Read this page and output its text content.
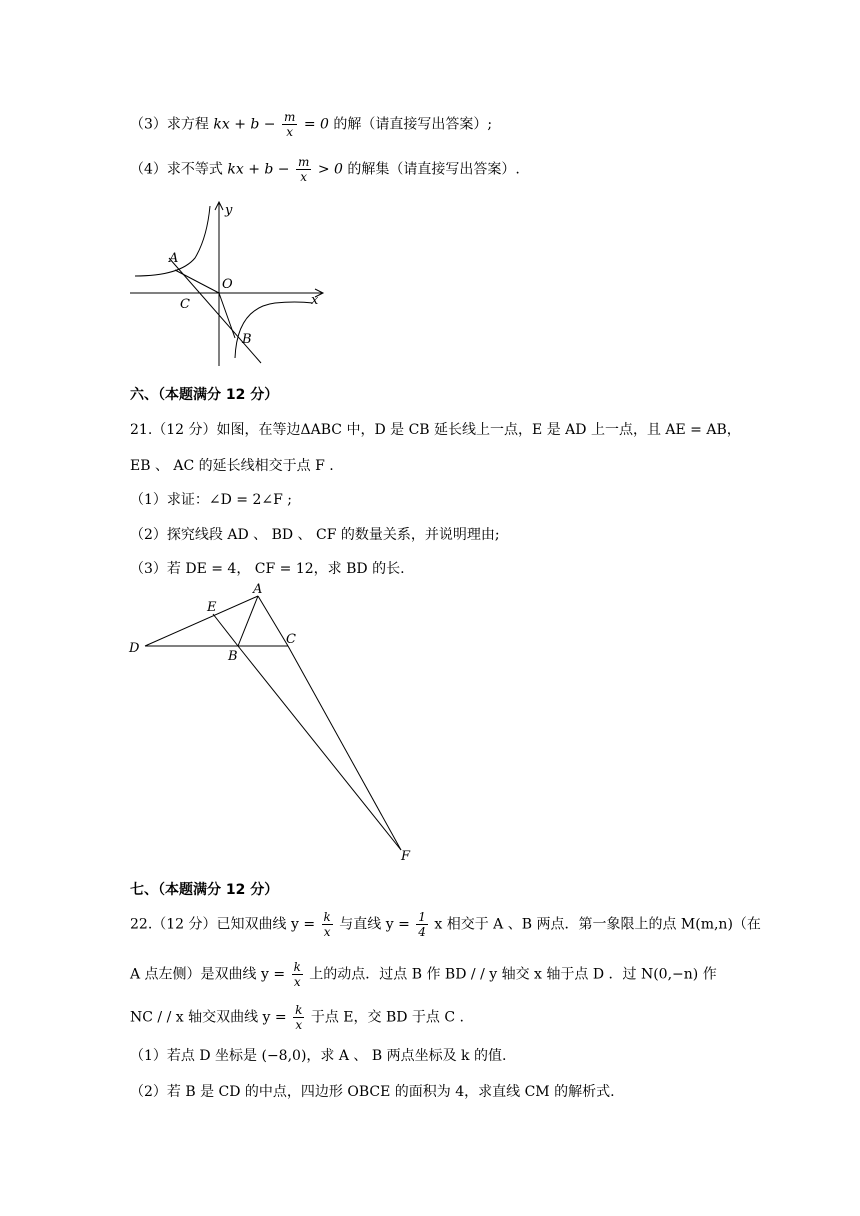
（3）求方程 kx + $b - \frac{m}{x} = 0$ 的解（请直接写出答案）;
（4）求不等式 kx + $b - \frac{m}{x} > 0$ 的解集（请直接写出答案）.
y
A
O
C	x
B
六、（本题满分 12 分）
21.（12 分）如图，在等边ΔABC 中，D 是 CB 延长线上一点，E 是 AD 上一点，且 AE = AB，
EB 、 AC 的延长线相交于点 F .
（1）求证：∠D = 2∠F ;
（2）探究线段 AD 、 BD 、 CF 的数量关系，并说明理由;
（3）若 DE = 4， CF = 12，求 BD 的长.
A
E
D
B
C
F
七、（本题满分 12 分）
22.（12 分）已知双曲线 $y = \frac{k}{x}$ 与直线 $y = \frac{1}{4}$ x 相交于 A 、B 两点．第一象限上的点 M(m,n)（在
A 点左侧）是双曲线 $y = \frac{k}{x}$ 上的动点．过点 B 作 BD / / y 轴交 x 轴于点 D ．过 N(0,−n) 作
NC / / x 轴交双曲线 $y = \frac{k}{x}$ 于点 E，交 BD 于点 C .
（1）若点 D 坐标是 (−8,0)，求 A 、 B 两点坐标及 k 的值.
（2）若 B 是 CD 的中点，四边形 OBCE 的面积为 4，求直线 CM 的解析式.
